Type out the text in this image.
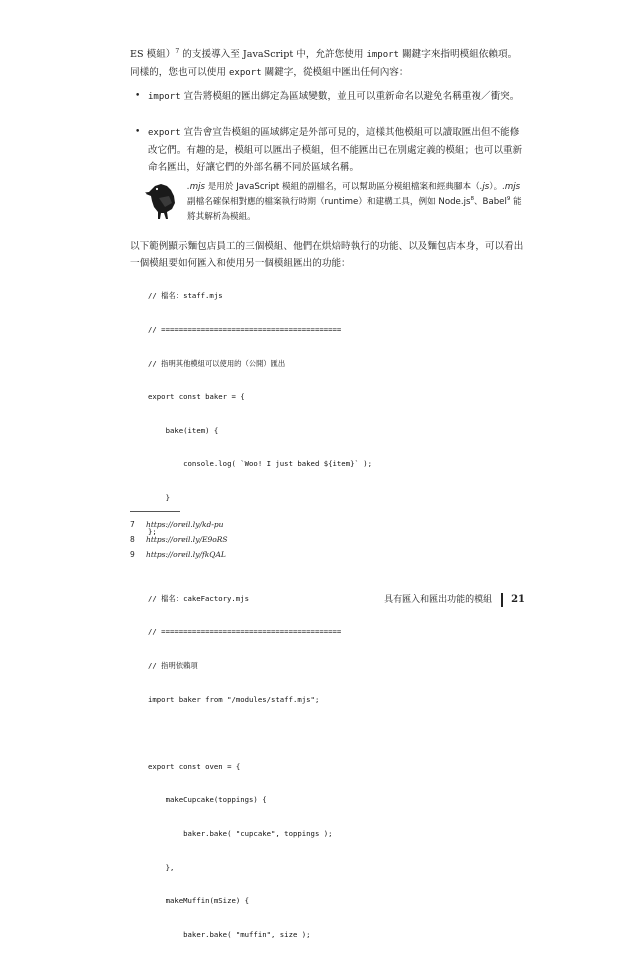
ES 模組）$^7$ 的支援導入至 JavaScript 中，允許您使用 import 關鍵字來指明模組依賴項。
同樣的，您也可以使用 export 關鍵字，從模組中匯出任何內容：

• import 宣告將模組的匯出綁定為區域變數，並且可以重新命名以避免名稱重複／衝突。
• export 宣告會宣告模組的區域綁定是外部可見的，這樣其他模組可以讀取匯出但不能修改它們。有趣的是，模組可以匯出子模組，但不能匯出已在別處定義的模組；也可以重新命名匯出，好讓它們的外部名稱不同於區域名稱。
.mjs 是用於 JavaScript 模組的副檔名，可以幫助區分模組檔案和經典腳本（.js）。.mjs 副檔名確保相對應的檔案執行時期（runtime）和建構工具，例如 $Node.js^8$、Babel$^9$ 能將其解析為模組。

以下範例顯示麵包店員工的三個模組、他們在烘焙時執行的功能、以及麵包店本身，可以看出一個模組要如何匯入和使用另一個模組匯出的功能：

// 檔名：staff.mjs

// =========================================

// 指明其他模組可以使用的（公開）匯出

export const baker = {

bake(item) {

console.log( `Woo! I just baked ${item}` );

}

};

// 檔名：cakeFactory.mjs

// =========================================

// 指明依賴項

import baker from "/modules/staff.mjs";

export const oven = {

makeCupcake(toppings) {

baker.bake( "cupcake", toppings );

},

makeMuffin(mSize) {

baker.bake( "muffin", size );

7 https://oreil.ly/kd-pu
8 https://oreil.ly/E9oRS
9 https://oreil.ly/fkQAL
具有匯入和匯出功能的模組 21
